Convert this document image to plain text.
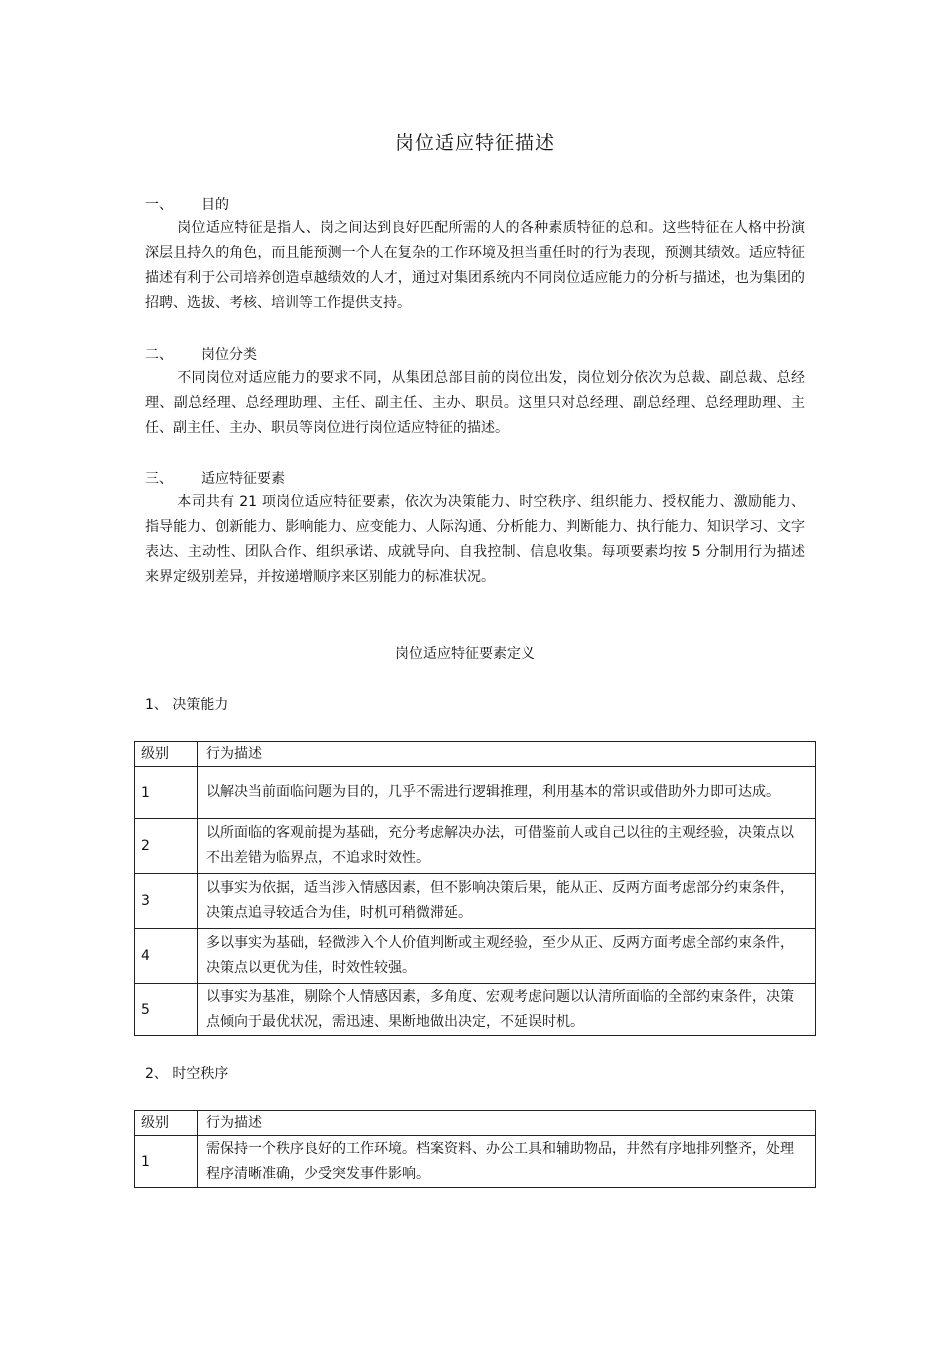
岗位适应特征描述
一、 目的

岗位适应特征是指人、岗之间达到良好匹配所需的人的各种素质特征的总和。这些特征在人格中扮演深层且持久的角色，而且能预测一个人在复杂的工作环境及担当重任时的行为表现，预测其绩效。适应特征描述有利于公司培养创造卓越绩效的人才，通过对集团系统内不同岗位适应能力的分析与描述，也为集团的招聘、选拔、考核、培训等工作提供支持。

二、 岗位分类

不同岗位对适应能力的要求不同，从集团总部目前的岗位出发，岗位划分依次为总裁、副总裁、总经理、副总经理、总经理助理、主任、副主任、主办、职员。这里只对总经理、副总经理、总经理助理、主任、副主任、主办、职员等岗位进行岗位适应特征的描述。

三、 适应特征要素

本司共有 21 项岗位适应特征要素，依次为决策能力、时空秩序、组织能力、授权能力、激励能力、指导能力、创新能力、影响能力、应变能力、人际沟通、分析能力、判断能力、执行能力、知识学习、文字表达、主动性、团队合作、组织承诺、成就导向、自我控制、信息收集。每项要素均按 5 分制用行为描述来界定级别差异，并按递增顺序来区别能力的标准状况。

岗位适应特征要素定义
1、 决策能力
级别	行为描述
1	以解决当前面临问题为目的，几乎不需进行逻辑推理，利用基本的常识或借助外力即可达成。
2	以所面临的客观前提为基础，充分考虑解决办法，可借鉴前人或自己以往的主观经验，决策点以不出差错为临界点，不追求时效性。
3	以事实为依据，适当涉入情感因素，但不影响决策后果，能从正、反两方面考虑部分约束条件，决策点追寻较适合为佳，时机可稍微滞延。
4	多以事实为基础，轻微涉入个人价值判断或主观经验，至少从正、反两方面考虑全部约束条件，决策点以更优为佳，时效性较强。
5	以事实为基准，剔除个人情感因素，多角度、宏观考虑问题以认清所面临的全部约束条件，决策点倾向于最优状况，需迅速、果断地做出决定，不延误时机。
2、 时空秩序
级别	行为描述
1	需保持一个秩序良好的工作环境。档案资料、办公工具和辅助物品，井然有序地排列整齐，处理程序清晰准确，少受突发事件影响。
